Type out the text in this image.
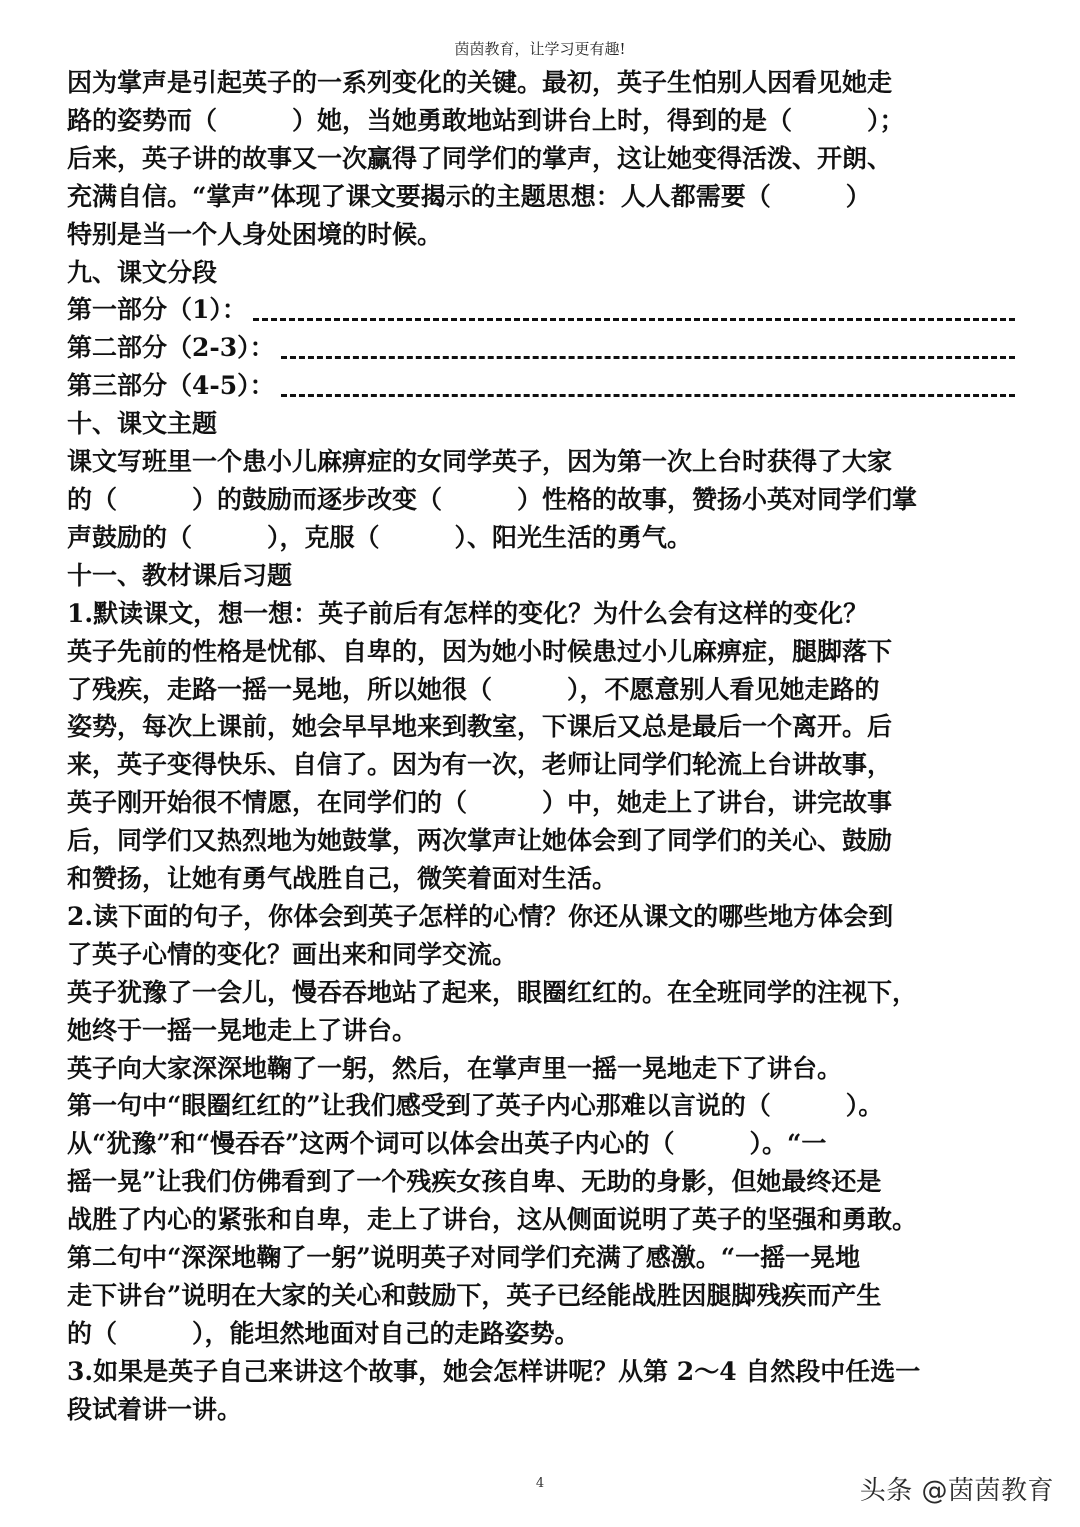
茵茵教育，让学习更有趣!

因为掌声是引起英子的一系列变化的关键。最初，英子生怕别人因看见她走

路的姿势而（　　　）她，当她勇敢地站到讲台上时，得到的是（　　　）；

后来，英子讲的故事又一次赢得了同学们的掌声，这让她变得活泼、开朗、

充满自信。“掌声”体现了课文要揭示的主题思想：人人都需要（　　　）

特别是当一个人身处困境的时候。

九、课文分段

第一部分（1）：
第二部分（2-3）：
第三部分（4-5）：

十、课文主题

课文写班里一个患小儿麻痹症的女同学英子，因为第一次上台时获得了大家

的（　　　）的鼓励而逐步改变（　　　）性格的故事，赞扬小英对同学们掌

声鼓励的（　　　），克服（　　　）、阳光生活的勇气。

十一、教材课后习题

1.默读课文，想一想：英子前后有怎样的变化？为什么会有这样的变化？

英子先前的性格是忧郁、自卑的，因为她小时候患过小儿麻痹症，腿脚落下

了残疾，走路一摇一晃地，所以她很（　　　），不愿意别人看见她走路的

姿势，每次上课前，她会早早地来到教室，下课后又总是最后一个离开。后

来，英子变得快乐、自信了。因为有一次，老师让同学们轮流上台讲故事，

英子刚开始很不情愿，在同学们的（　　　）中，她走上了讲台，讲完故事

后，同学们又热烈地为她鼓掌，两次掌声让她体会到了同学们的关心、鼓励

和赞扬，让她有勇气战胜自己，微笑着面对生活。

2.读下面的句子，你体会到英子怎样的心情？你还从课文的哪些地方体会到

了英子心情的变化？画出来和同学交流。

英子犹豫了一会儿，慢吞吞地站了起来，眼圈红红的。在全班同学的注视下，

她终于一摇一晃地走上了讲台。

英子向大家深深地鞠了一躬，然后，在掌声里一摇一晃地走下了讲台。

第一句中“眼圈红红的”让我们感受到了英子内心那难以言说的（　　　）。

从“犹豫”和“慢吞吞”这两个词可以体会出英子内心的（　　　）。“一

摇一晃”让我们仿佛看到了一个残疾女孩自卑、无助的身影，但她最终还是

战胜了内心的紧张和自卑，走上了讲台，这从侧面说明了英子的坚强和勇敢。

第二句中“深深地鞠了一躬”说明英子对同学们充满了感激。“一摇一晃地

走下讲台”说明在大家的关心和鼓励下，英子已经能战胜因腿脚残疾而产生

的（　　　），能坦然地面对自己的走路姿势。

3.如果是英子自己来讲这个故事，她会怎样讲呢？从第 2～4 自然段中任选一

段试着讲一讲。

4	头条 @茵茵教育
